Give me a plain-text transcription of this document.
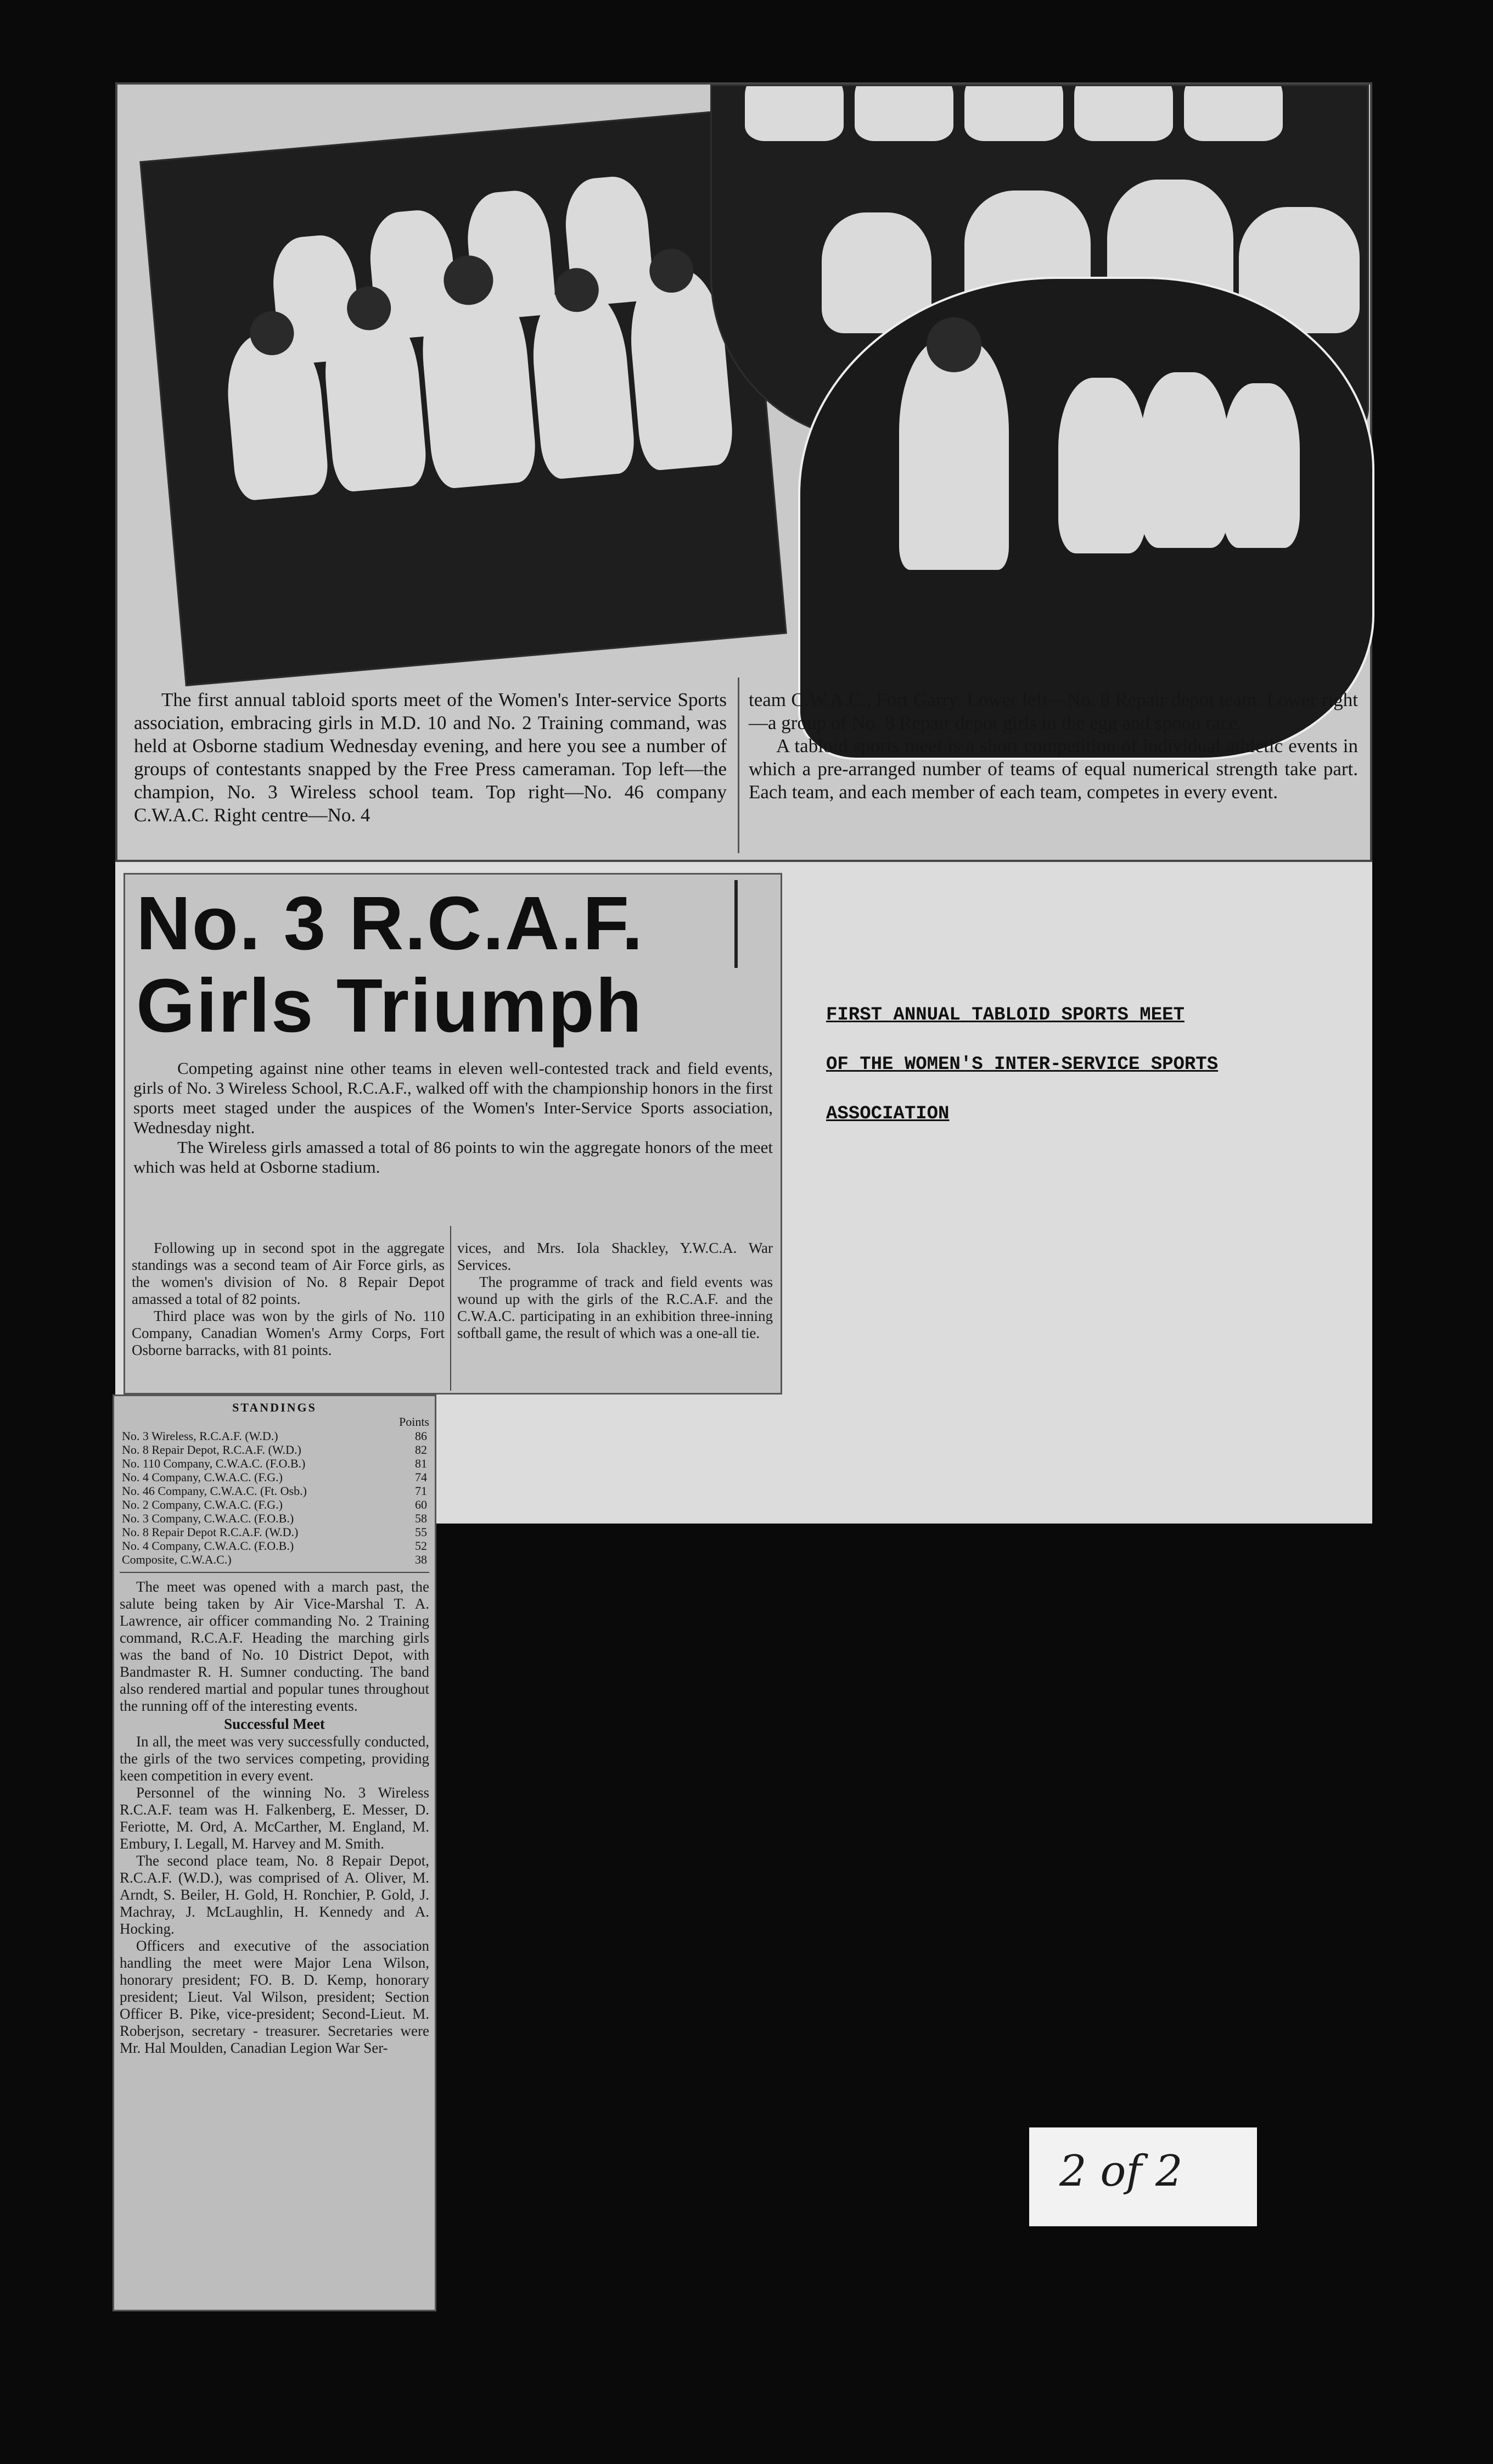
The first annual tabloid sports meet of the Women's Inter-service Sports association, embracing girls in M.D. 10 and No. 2 Training command, was held at Osborne stadium Wednesday evening, and here you see a number of groups of contestants snapped by the Free Press cameraman. Top left—the champion, No. 3 Wireless school team. Top right—No. 46 company C.W.A.C. Right centre—No. 4
team C.W.A.C., Fort Garry. Lower left—No. 8 Repair depot team. Lower right—a group of No. 8 Repair depot girls in the egg and spoon race.
A tabloid sports meet is a short competition of individual athletic events in which a pre-arranged number of teams of equal numerical strength take part. Each team, and each member of each team, competes in every event.
No. 3 R.C.A.F.
Girls Triumph
Competing against nine other teams in eleven well-contested track and field events, girls of No. 3 Wireless School, R.C.A.F., walked off with the championship honors in the first sports meet staged under the auspices of the Women's Inter-Service Sports association, Wednesday night.
The Wireless girls amassed a total of 86 points to win the aggregate honors of the meet which was held at Osborne stadium.
Following up in second spot in the aggregate standings was a second team of Air Force girls, as the women's division of No. 8 Repair Depot amassed a total of 82 points.
Third place was won by the girls of No. 110 Company, Canadian Women's Army Corps, Fort Osborne barracks, with 81 points.
vices, and Mrs. Iola Shackley, Y.W.C.A. War Services.
The programme of track and field events was wound up with the girls of the R.C.A.F. and the C.W.A.C. participating in an exhibition three-inning softball game, the result of which was a one-all tie.
STANDINGS
Points
No. 3 Wireless, R.C.A.F. (W.D.)	86
No. 8 Repair Depot, R.C.A.F. (W.D.)	82
No. 110 Company, C.W.A.C. (F.O.B.)	81
No. 4 Company, C.W.A.C. (F.G.)	74
No. 46 Company, C.W.A.C. (Ft. Osb.)	71
No. 2 Company, C.W.A.C. (F.G.)	60
No. 3 Company, C.W.A.C. (F.O.B.)	58
No. 8 Repair Depot R.C.A.F. (W.D.)	55
No. 4 Company, C.W.A.C. (F.O.B.)	52
Composite, C.W.A.C.)	38
The meet was opened with a march past, the salute being taken by Air Vice-Marshal T. A. Lawrence, air officer commanding No. 2 Training command, R.C.A.F. Heading the marching girls was the band of No. 10 District Depot, with Bandmaster R. H. Sumner conducting. The band also rendered martial and popular tunes throughout the running off of the interesting events.
Successful Meet
In all, the meet was very successfully conducted, the girls of the two services competing, providing keen competition in every event.
Personnel of the winning No. 3 Wireless R.C.A.F. team was H. Falkenberg, E. Messer, D. Feriotte, M. Ord, A. McCarther, M. England, M. Embury, I. Legall, M. Harvey and M. Smith.
The second place team, No. 8 Repair Depot, R.C.A.F. (W.D.), was comprised of A. Oliver, M. Arndt, S. Beiler, H. Gold, H. Ronchier, P. Gold, J. Machray, J. McLaughlin, H. Kennedy and A. Hocking.
Officers and executive of the association handling the meet were Major Lena Wilson, honorary president; FO. B. D. Kemp, honorary president; Lieut. Val Wilson, president; Section Officer B. Pike, vice-president; Second-Lieut. M. Roberjson, secretary - treasurer. Secretaries were Mr. Hal Moulden, Canadian Legion War Ser-
FIRST ANNUAL TABLOID SPORTS MEET
OF THE WOMEN'S INTER-SERVICE SPORTS
ASSOCIATION
2 of 2
